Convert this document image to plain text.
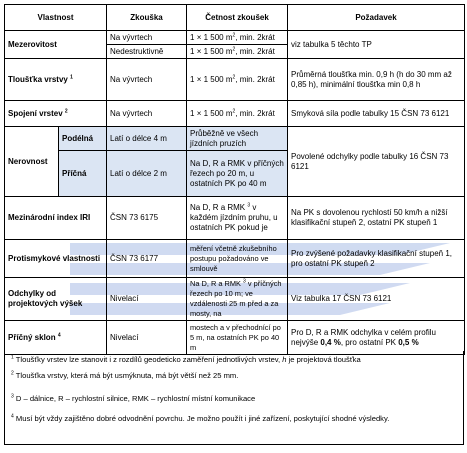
Vlastnost		Zkouška	Četnost zkoušek	Požadavek
Mezerovitost		Na vývrtech	1 × 1 500 $m^2$, min. 2krát	viz tabulka 5 těchto TP
		Nedestruktivně	1 × 1 500 $m^2$, min. 2krát	
Tloušťka vrstvy $^1$		Na vývrtech	1 × 1 500 $m^2$, min. 2krát	Průměrná tloušťka min. 0,9 h (h do 30 mm až 0,85 h), minimální tloušťka min 0,8 h
Spojení vrstev $^2$		Na vývrtech	1 × 1 500 $m^2$, min. 2krát	Smyková síla podle tabulky 15 ČSN 73 6121
Nerovnost	Podélná	Latí o délce 4 m	Průběžně ve všech jízdních pruzích	Povolené odchylky podle tabulky 16 ČSN 73 6121
	Příčná	Latí o délce 2 m	Na D, R a RMK v příčných řezech po 20 m, u ostatních PK po 40 m	
Mezinárodní index IRI		ČSN 73 6175	Na D, R a RMK $^3$ v každém jízdním pruhu, u ostatních PK pokud je	Na PK s dovolenou rychlostí 50 km/h a nižší klasifikační stupeň 2, ostatní PK stupeň 1
Protismykové vlastnosti		ČSN 73 6177	měření včetně zkušebního postupu požadováno ve smlouvě	Pro zvýšené požadavky klasifikační stupeň 1, pro ostatní PK stupeň 2
Odchylky od projektových výšek		Nivelací	Na D, R a RMK $^3$ v příčných řezech po 10 m; ve vzdálenosti 25 m před a za mosty, na	Viz tabulka 17 ČSN 73 6121
Příčný sklon $^4$		Nivelací	mostech a v přechodnící po 5 m, na ostatních PK po 40 m	Pro D, R a RMK odchylka v celém profilu nejvýše 0,4 %, pro ostatní PK 0,5 %
$^1$ Tloušťky vrstev lze stanovit i z rozdílů geodeticko zaměření jednotlivých vrstev, h je projektová tloušťka
$^2$ Tloušťka vrstvy, která má být usmýknuta, má být větší než 25 mm.
$^3$ D – dálnice, R – rychlostní silnice, RMK – rychlostní místní komunikace
$^4$ Musí být vždy zajištěno dobré odvodnění povrchu. Je možno použít i jiné zařízení, poskytující shodné výsledky.
